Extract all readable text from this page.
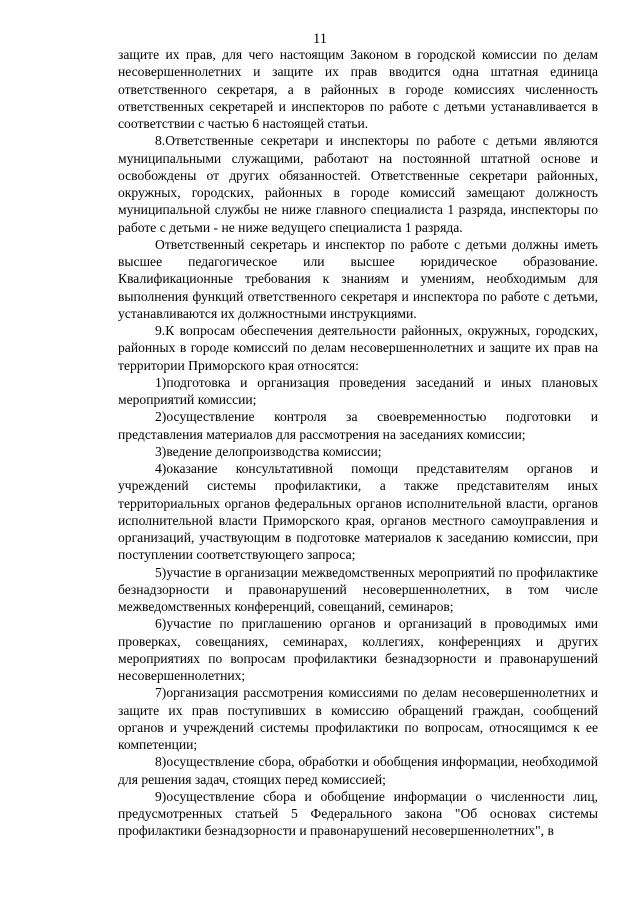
11

защите их прав, для чего настоящим Законом в городской комиссии по делам несовершеннолетних и защите их прав вводится одна штатная единица ответственного секретаря, а в районных в городе комиссиях численность ответственных секретарей и инспекторов по работе с детьми устанавливается в соответствии с частью 6 настоящей статьи.

8.Ответственные секретари и инспекторы по работе с детьми являются муниципальными служащими, работают на постоянной штатной основе и освобождены от других обязанностей. Ответственные секретари районных, окружных, городских, районных в городе комиссий замещают должность муниципальной службы не ниже главного специалиста 1 разряда, инспекторы по работе с детьми - не ниже ведущего специалиста 1 разряда.

Ответственный секретарь и инспектор по работе с детьми должны иметь высшее педагогическое или высшее юридическое образование. Квалификационные требования к знаниям и умениям, необходимым для выполнения функций ответственного секретаря и инспектора по работе с детьми, устанавливаются их должностными инструкциями.

9.К вопросам обеспечения деятельности районных, окружных, городских, районных в городе комиссий по делам несовершеннолетних и защите их прав на территории Приморского края относятся:

1)подготовка и организация проведения заседаний и иных плановых мероприятий комиссии;

2)осуществление контроля за своевременностью подготовки и представления материалов для рассмотрения на заседаниях комиссии;

3)ведение делопроизводства комиссии;

4)оказание консультативной помощи представителям органов и учреждений системы профилактики, а также представителям иных территориальных органов федеральных органов исполнительной власти, органов исполнительной власти Приморского края, органов местного самоуправления и организаций, участвующим в подготовке материалов к заседанию комиссии, при поступлении соответствующего запроса;

5)участие в организации межведомственных мероприятий по профилактике безнадзорности и правонарушений несовершеннолетних, в том числе межведомственных конференций, совещаний, семинаров;

6)участие по приглашению органов и организаций в проводимых ими проверках, совещаниях, семинарах, коллегиях, конференциях и других мероприятиях по вопросам профилактики безнадзорности и правонарушений несовершеннолетних;

7)организация рассмотрения комиссиями по делам несовершеннолетних и защите их прав поступивших в комиссию обращений граждан, сообщений органов и учреждений системы профилактики по вопросам, относящимся к ее компетенции;

8)осуществление сбора, обработки и обобщения информации, необходимой для решения задач, стоящих перед комиссией;

9)осуществление сбора и обобщение информации о численности лиц, предусмотренных статьей 5 Федерального закона "Об основах системы профилактики безнадзорности и правонарушений несовершеннолетних", в
